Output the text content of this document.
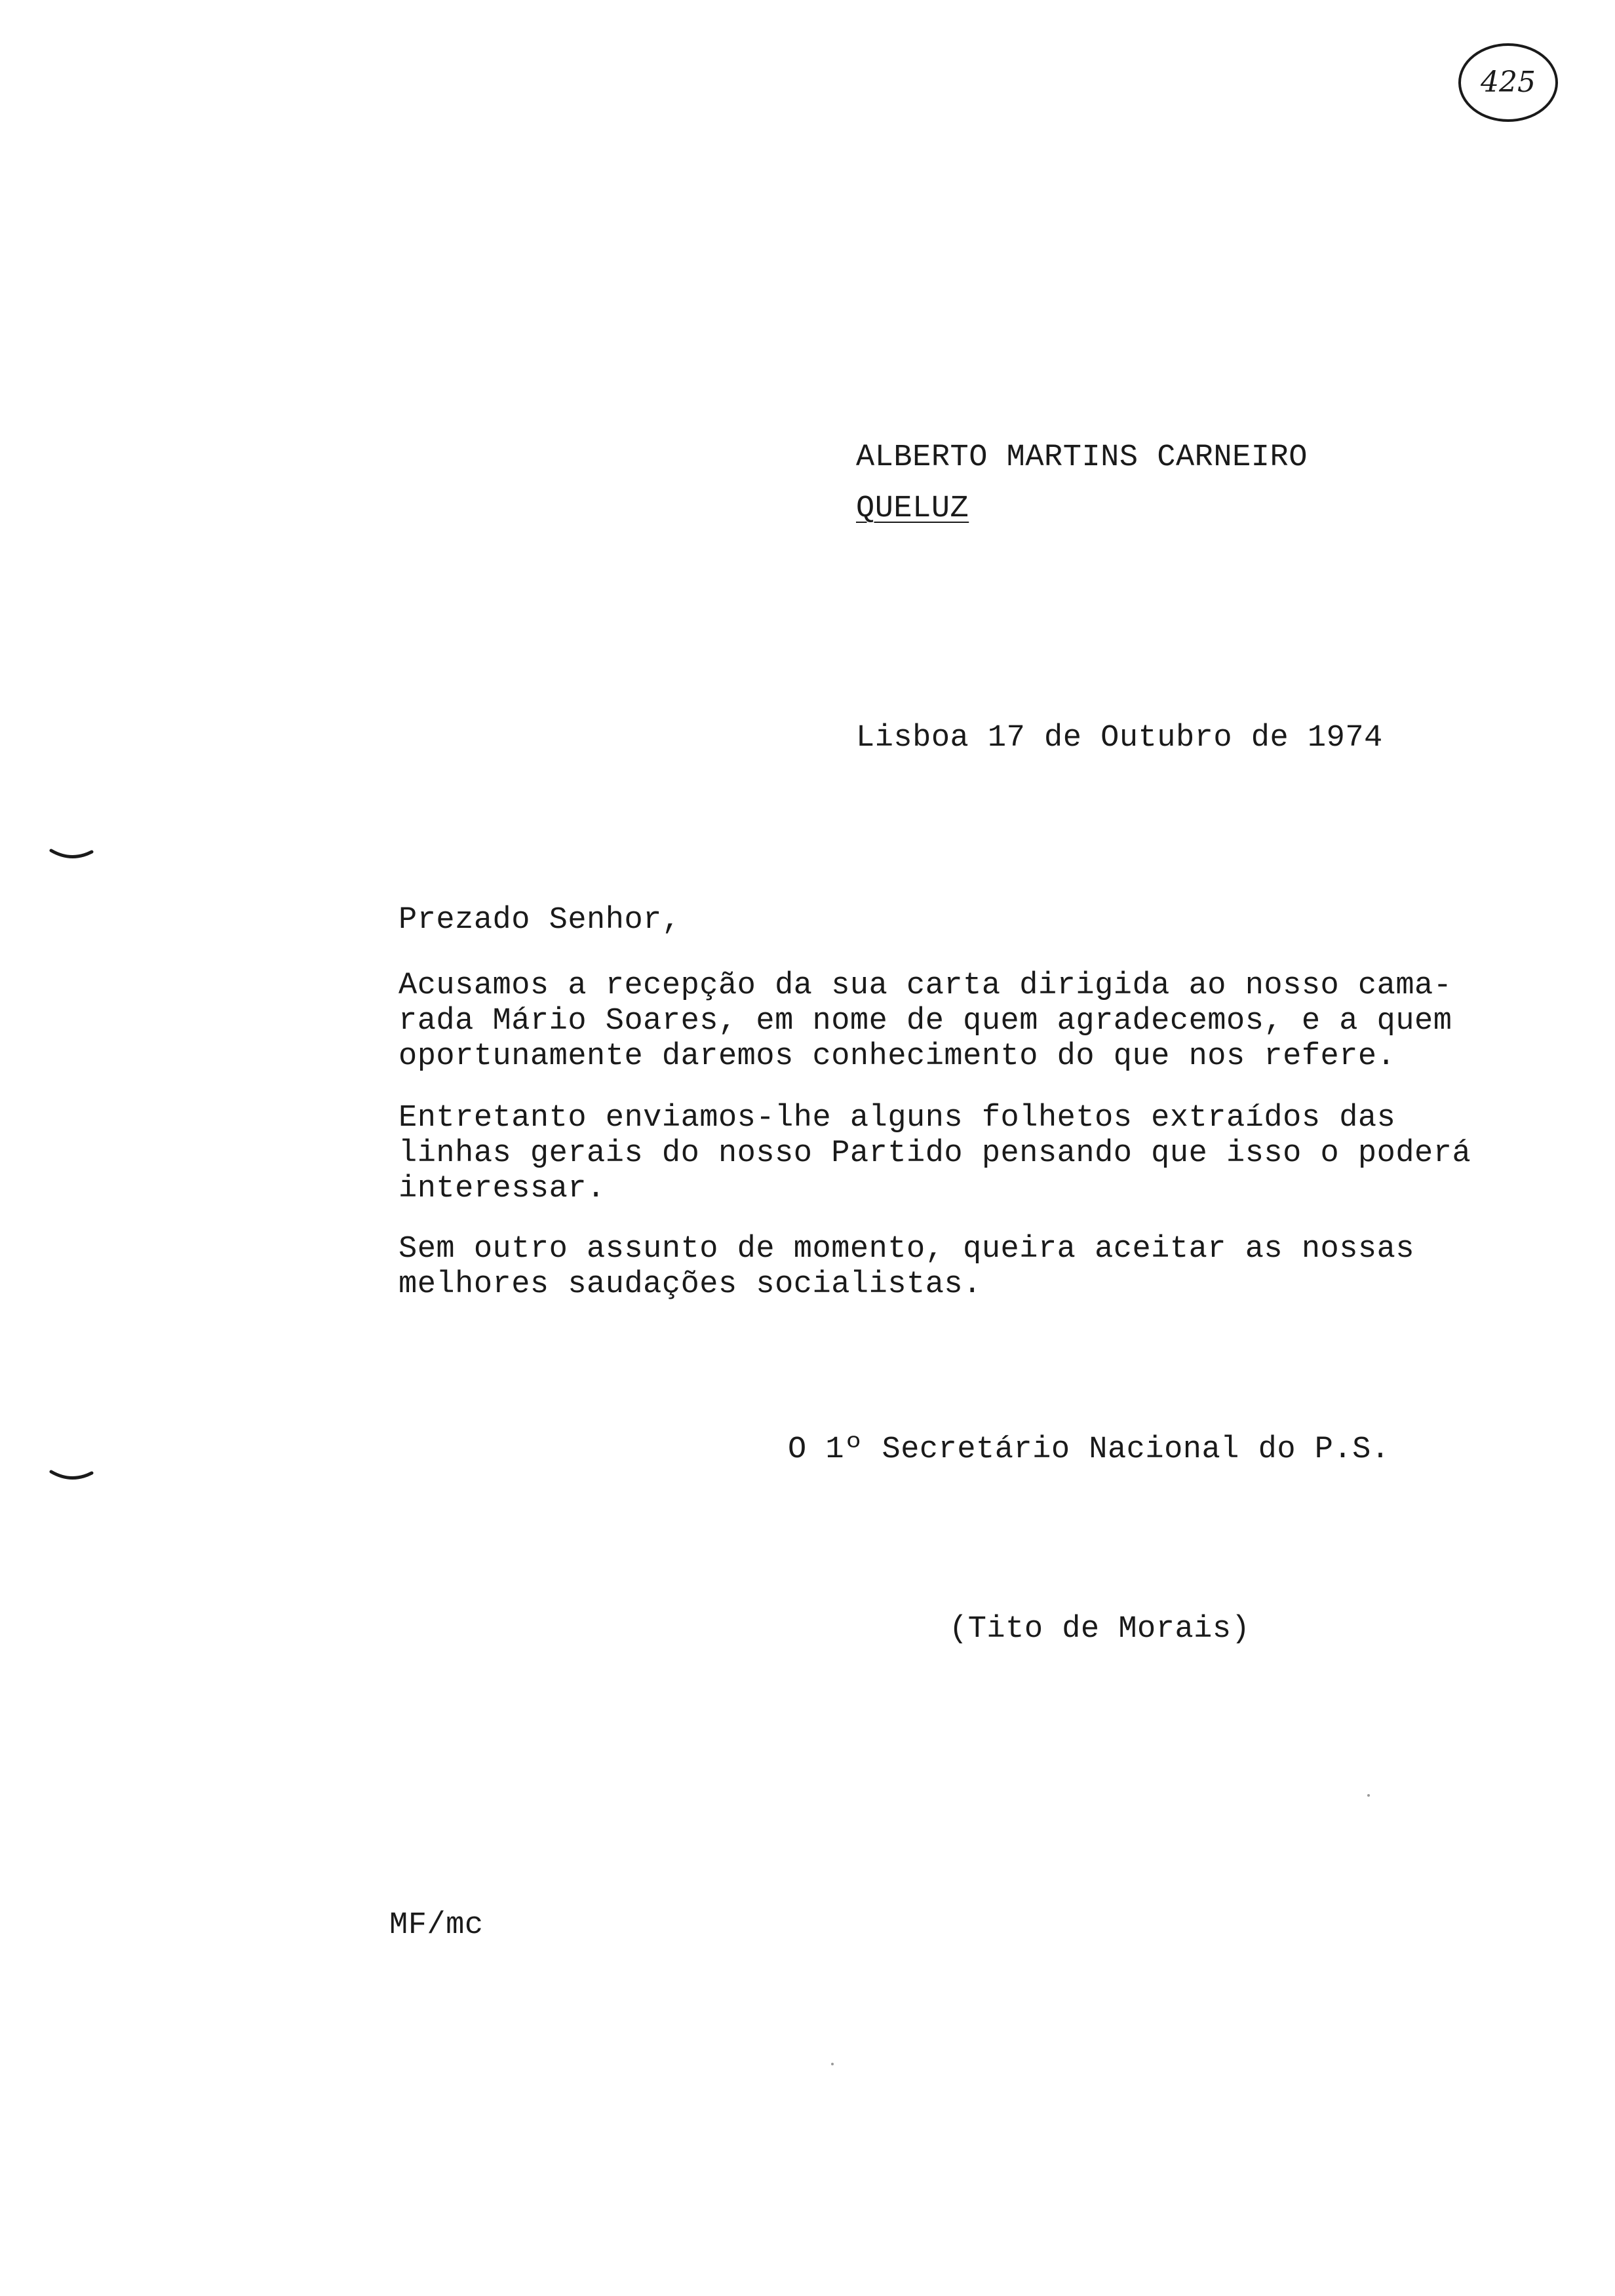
425
ALBERTO MARTINS CARNEIRO
QUELUZ
Lisboa 17 de Outubro de 1974
Prezado Senhor,
Acusamos a recepção da sua carta dirigida ao nosso cama-
rada Mário Soares, em nome de quem agradecemos, e a quem
oportunamente daremos conhecimento do que nos refere.
Entretanto enviamos-lhe alguns folhetos extraídos das
linhas gerais do nosso Partido pensando que isso o poderá
interessar.
Sem outro assunto de momento, queira aceitar as nossas
melhores saudações socialistas.
O 1º Secretário Nacional do P.S.
(Tito de Morais)
MF/mc
